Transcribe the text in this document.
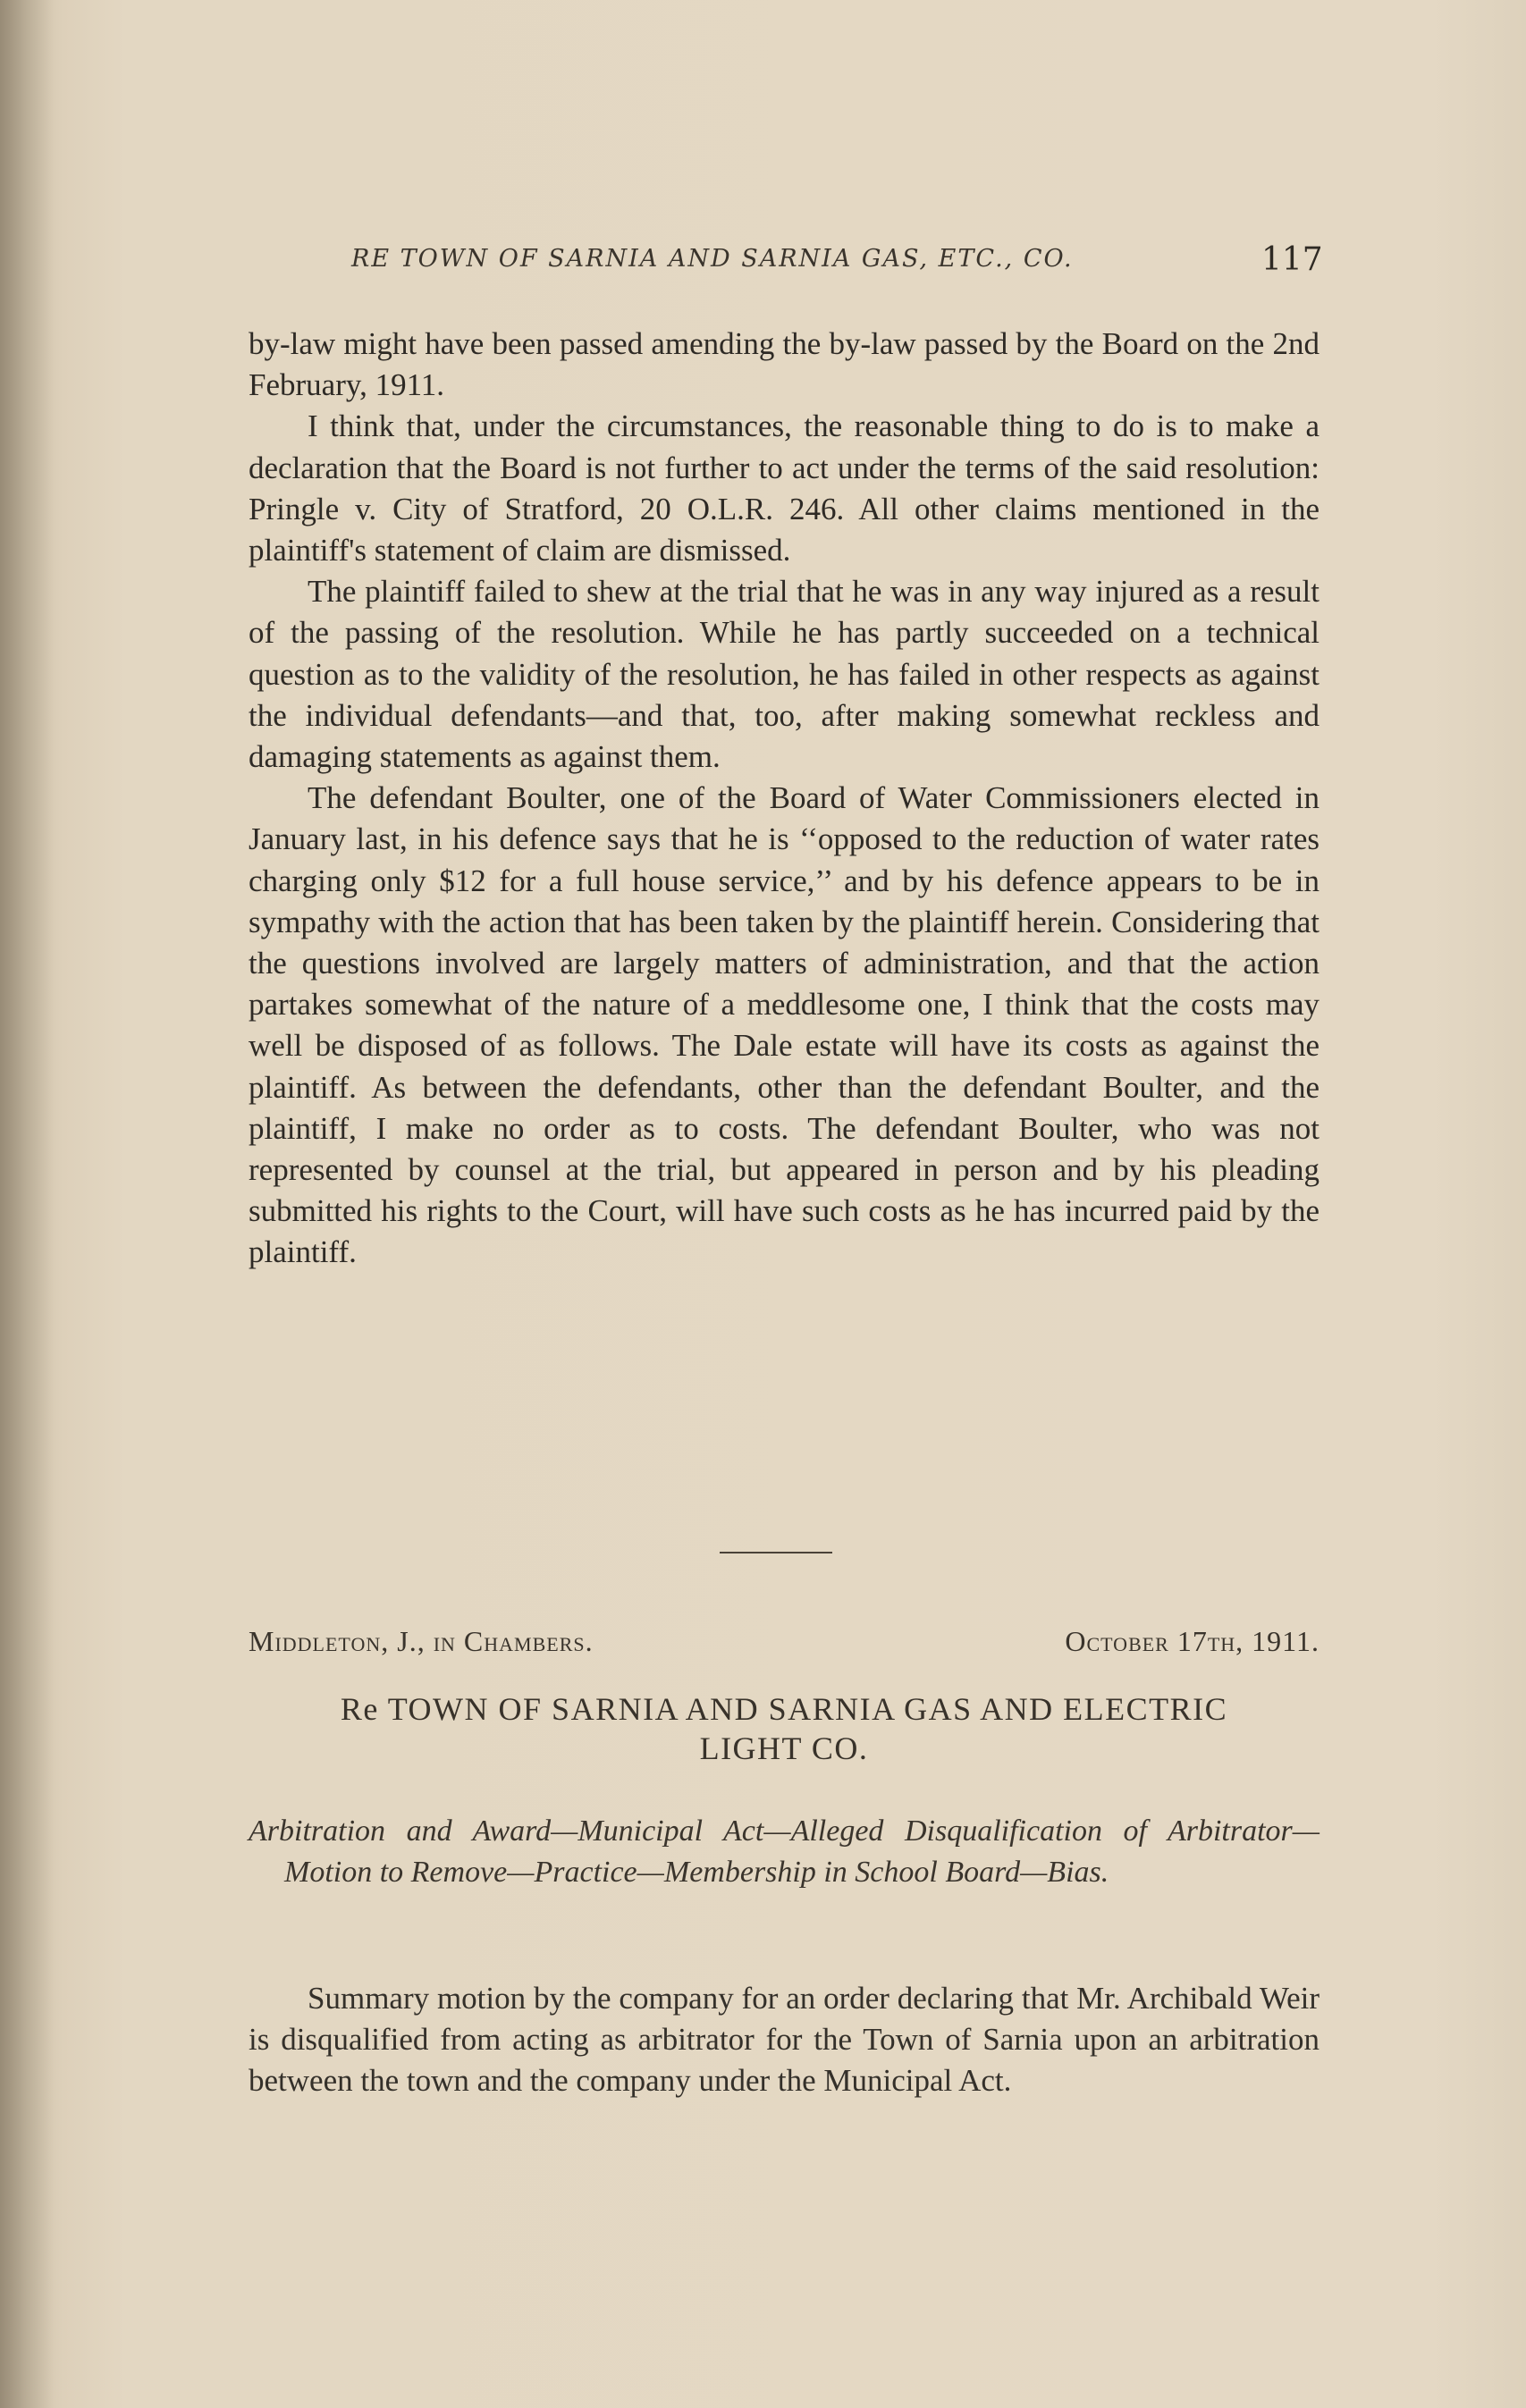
RE TOWN OF SARNIA AND SARNIA GAS, ETC., CO.	117

by-law might have been passed amending the by-law passed by the Board on the 2nd February, 1911.

I think that, under the circumstances, the reasonable thing to do is to make a declaration that the Board is not further to act under the terms of the said resolution: Pringle v. City of Stratford, 20 O.L.R. 246. All other claims mentioned in the plaintiff's statement of claim are dismissed.

The plaintiff failed to shew at the trial that he was in any way injured as a result of the passing of the resolution. While he has partly succeeded on a technical question as to the validity of the resolution, he has failed in other respects as against the individual defendants—and that, too, after making somewhat reckless and damaging statements as against them.

The defendant Boulter, one of the Board of Water Commissioners elected in January last, in his defence says that he is ‘‘opposed to the reduction of water rates charging only $12 for a full house service,’’ and by his defence appears to be in sympathy with the action that has been taken by the plaintiff herein. Considering that the questions involved are largely matters of administration, and that the action partakes somewhat of the nature of a meddlesome one, I think that the costs may well be disposed of as follows. The Dale estate will have its costs as against the plaintiff. As between the defendants, other than the defendant Boulter, and the plaintiff, I make no order as to costs. The defendant Boulter, who was not represented by counsel at the trial, but appeared in person and by his pleading submitted his rights to the Court, will have such costs as he has incurred paid by the plaintiff.

Middleton, J., in Chambers.	October 17th, 1911.
Re TOWN OF SARNIA AND SARNIA GAS AND ELECTRIC
LIGHT CO.
Arbitration and Award—Municipal Act—Alleged Disqualification of Arbitrator—Motion to Remove—Practice—Membership in School Board—Bias.

Summary motion by the company for an order declaring that Mr. Archibald Weir is disqualified from acting as arbitrator for the Town of Sarnia upon an arbitration between the town and the company under the Municipal Act.
